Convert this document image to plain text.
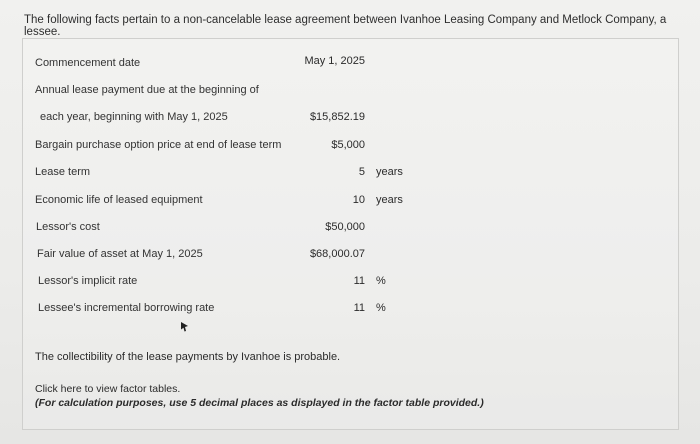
The following facts pertain to a non-cancelable lease agreement between Ivanhoe Leasing Company and Metlock Company, a lessee.
Commencement date
Annual lease payment due at the beginning of
each year, beginning with May 1, 2025
Bargain purchase option price at end of lease term
Lease term
Economic life of leased equipment
Lessor's cost
Fair value of asset at May 1, 2025
Lessor's implicit rate
Lessee's incremental borrowing rate
May 1, 2025
$15,852.19
$5,000
5 years
10 years
$50,000
$68,000.07
11 %
11 %
The collectibility of the lease payments by Ivanhoe is probable.
Click here to view factor tables.
(For calculation purposes, use 5 decimal places as displayed in the factor table provided.)
